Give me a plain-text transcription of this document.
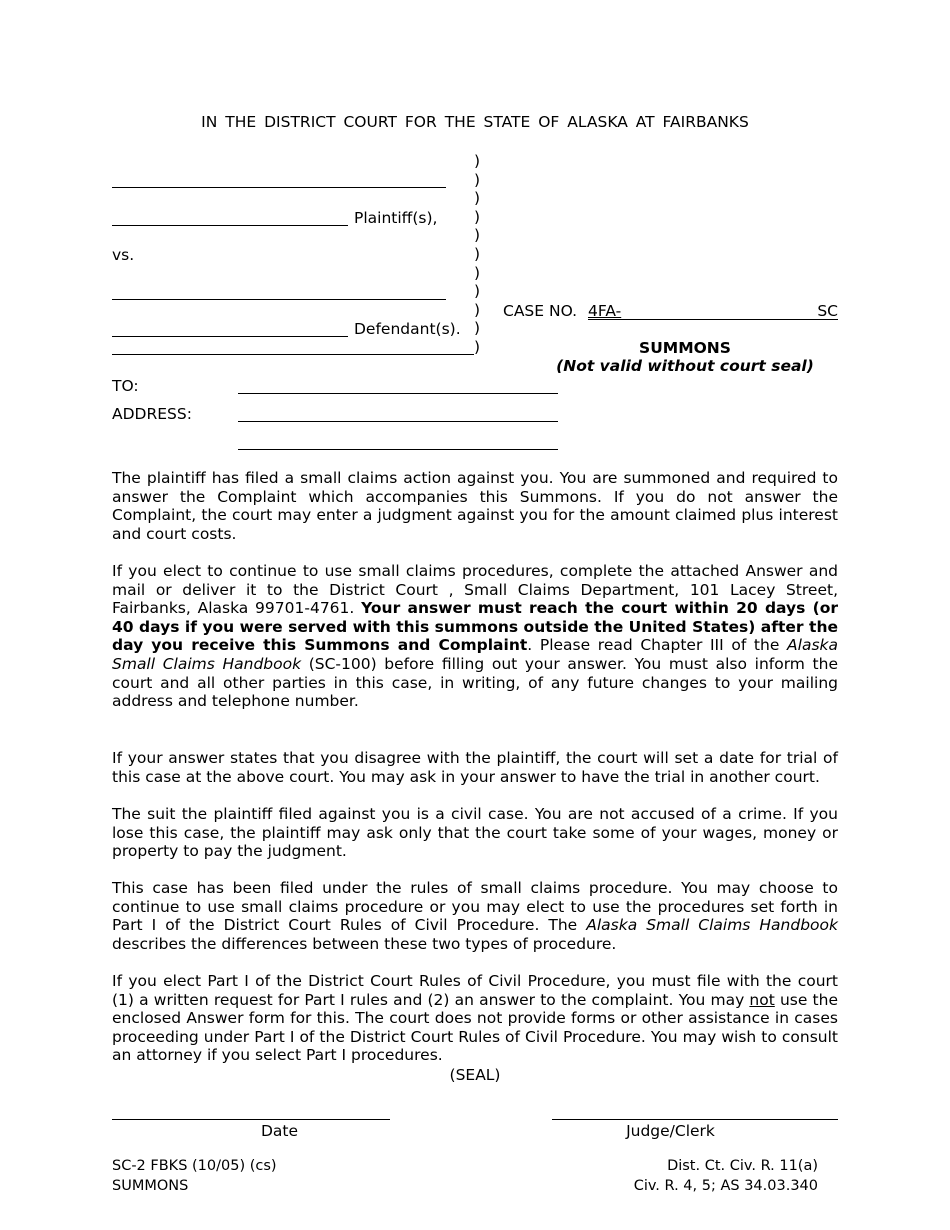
IN THE DISTRICT COURT FOR THE STATE OF ALASKA AT FAIRBANKS
Plaintiff(s),
vs.
Defendant(s).
)
)
)
)
)
)
)
)
)
)
)
CASE NO. 4FA-	SC
SUMMONS
(Not valid without court seal)
TO:
ADDRESS:
The plaintiff has filed a small claims action against you. You are summoned and required to answer the Complaint which accompanies this Summons. If you do not answer the Complaint, the court may enter a judgment against you for the amount claimed plus interest and court costs.
If you elect to continue to use small claims procedures, complete the attached Answer and mail or deliver it to the District Court , Small Claims Department, 101 Lacey Street, Fairbanks, Alaska 99701-4761. Your answer must reach the court within 20 days (or 40 days if you were served with this summons outside the United States) after the day you receive this Summons and Complaint. Please read Chapter III of the Alaska Small Claims Handbook (SC-100) before filling out your answer. You must also inform the court and all other parties in this case, in writing, of any future changes to your mailing address and telephone number.
If your answer states that you disagree with the plaintiff, the court will set a date for trial of this case at the above court. You may ask in your answer to have the trial in another court.
The suit the plaintiff filed against you is a civil case. You are not accused of a crime. If you lose this case, the plaintiff may ask only that the court take some of your wages, money or property to pay the judgment.
This case has been filed under the rules of small claims procedure. You may choose to continue to use small claims procedure or you may elect to use the procedures set forth in Part I of the District Court Rules of Civil Procedure. The Alaska Small Claims Handbook describes the differences between these two types of procedure.
If you elect Part I of the District Court Rules of Civil Procedure, you must file with the court (1) a written request for Part I rules and (2) an answer to the complaint. You may not use the enclosed Answer form for this. The court does not provide forms or other assistance in cases proceeding under Part I of the District Court Rules of Civil Procedure. You may wish to consult an attorney if you select Part I procedures.
(SEAL)
Date	Judge/Clerk
SC-2 FBKS (10/05) (cs)
SUMMONS
Dist. Ct. Civ. R. 11(a)
Civ. R. 4, 5; AS 34.03.340
